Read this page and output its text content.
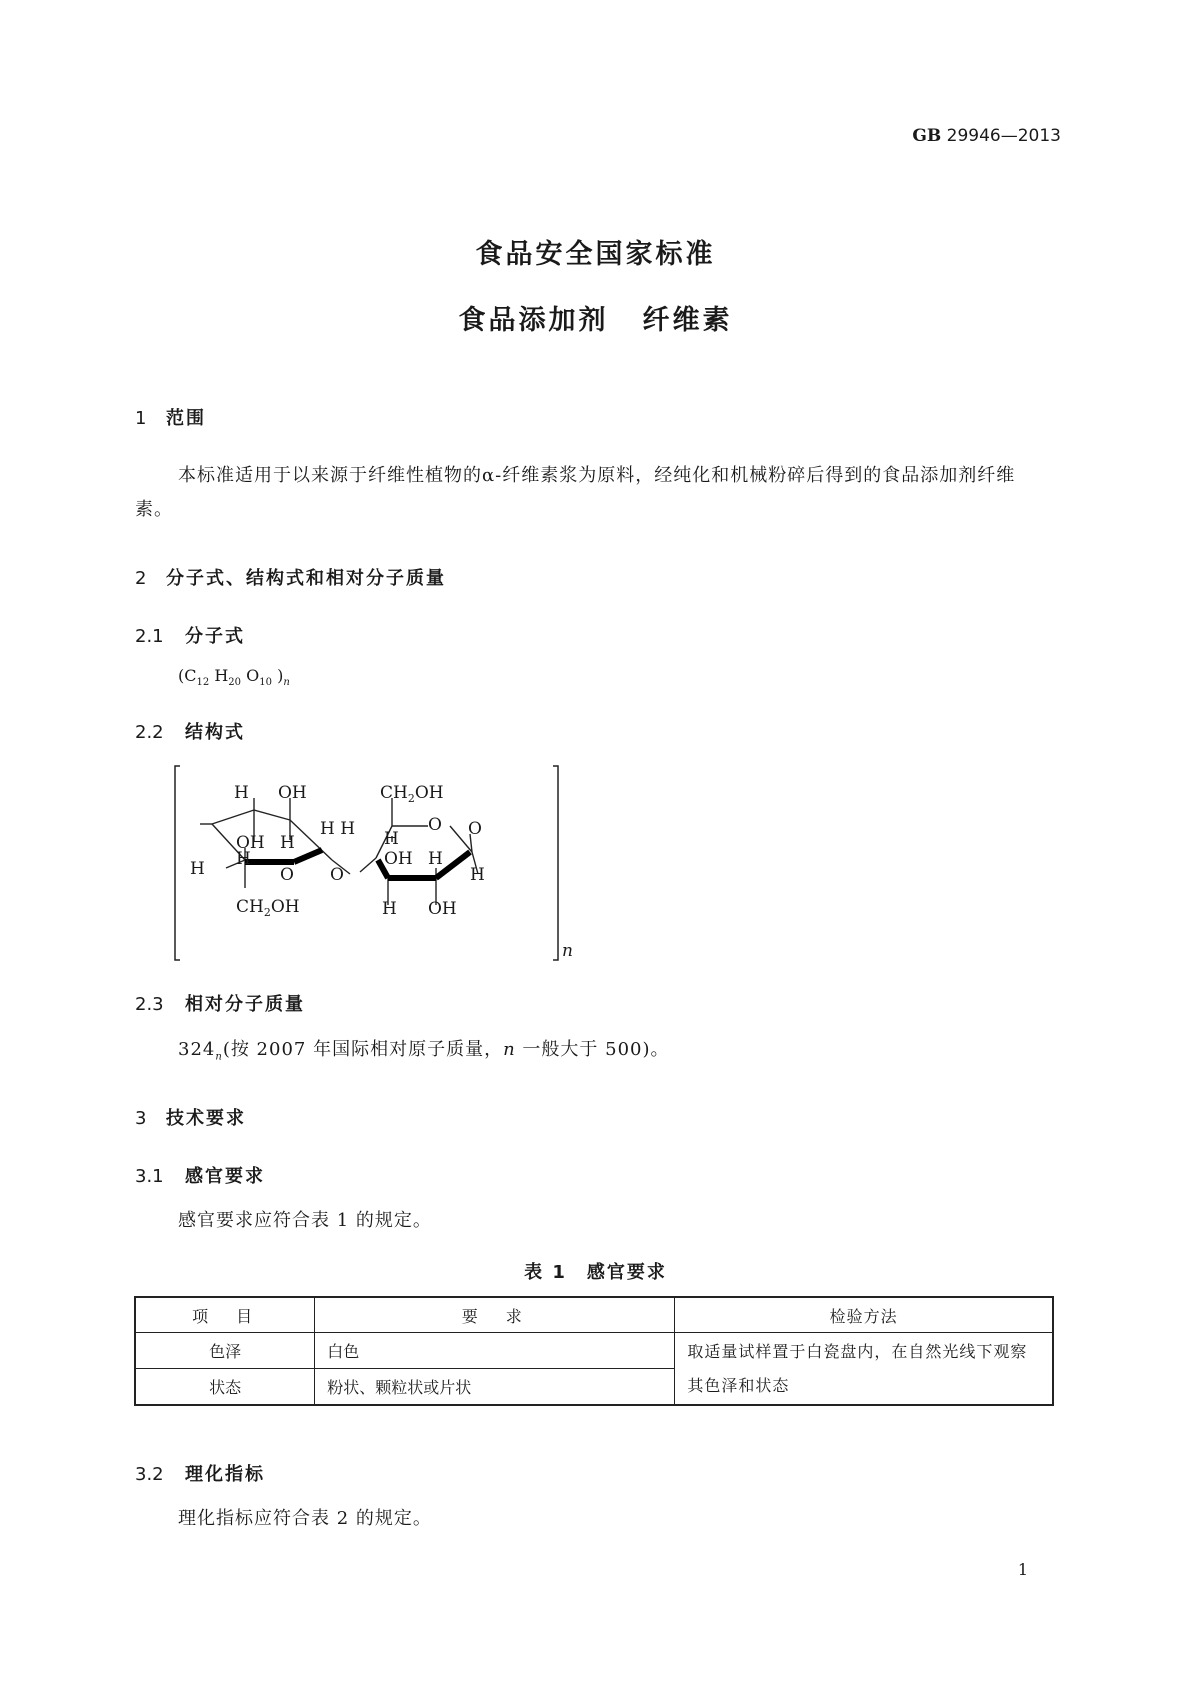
GB 29946—2013
食品安全国家标准
食品添加剂 纤维素
1 范围
本标准适用于以来源于纤维性植物的α-纤维素浆为原料，经纯化和机械粉碎后得到的食品添加剂纤维素。
2 分子式、结构式和相对分子质量
2.1 分子式
($C_{12}$ $H_{20}$ $O_{10}$ )$_n$
2.2 结构式
H OH
OH
H
H
H	O
$CH_2OH$
H H
O
$CH_2OH$
O O
H
OH H
H
H OH
n
2.3 相对分子质量
$324_n$(按 2007 年国际相对原子质量，n 一般大于 500)。
3 技术要求
3.1 感官要求
感官要求应符合表 1 的规定。
表 1　感官要求
项　目	要　求	检验方法
色泽	白色	取适量试样置于白瓷盘内，在自然光线下观察其色泽和状态
状态	粉状、颗粒状或片状	
3.2 理化指标
理化指标应符合表 2 的规定。
1
